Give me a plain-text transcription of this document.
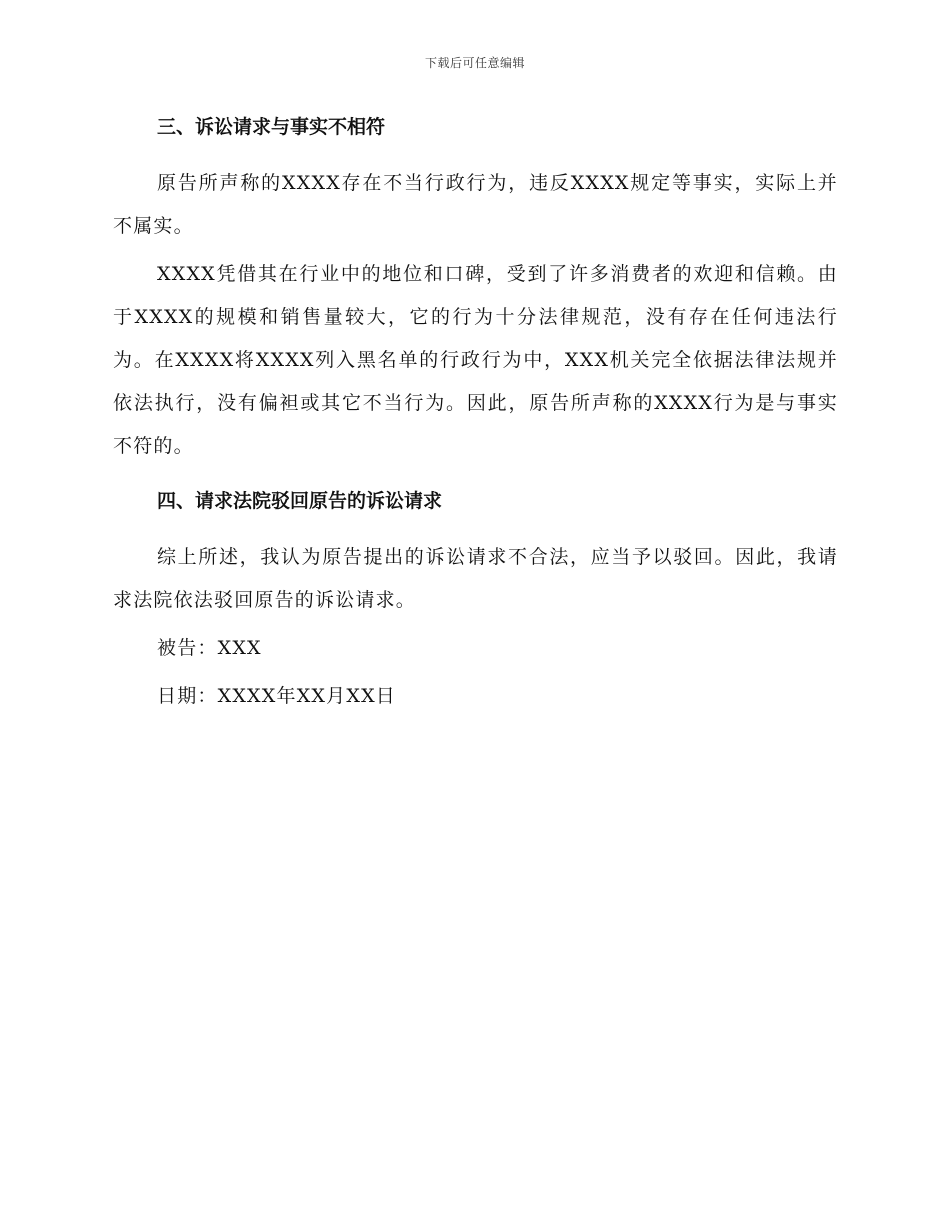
下载后可任意编辑
三、诉讼请求与事实不相符

原告所声称的XXXX存在不当行政行为，违反XXXX规定等事实，实际上并不属实。

XXXX凭借其在行业中的地位和口碑，受到了许多消费者的欢迎和信赖。由于XXXX的规模和销售量较大，它的行为十分法律规范，没有存在任何违法行为。在XXXX将XXXX列入黑名单的行政行为中，XXX机关完全依据法律法规并依法执行，没有偏袒或其它不当行为。因此，原告所声称的XXXX行为是与事实不符的。

四、请求法院驳回原告的诉讼请求

综上所述，我认为原告提出的诉讼请求不合法，应当予以驳回。因此，我请求法院依法驳回原告的诉讼请求。

被告：XXX

日期：XXXX年XX月XX日
